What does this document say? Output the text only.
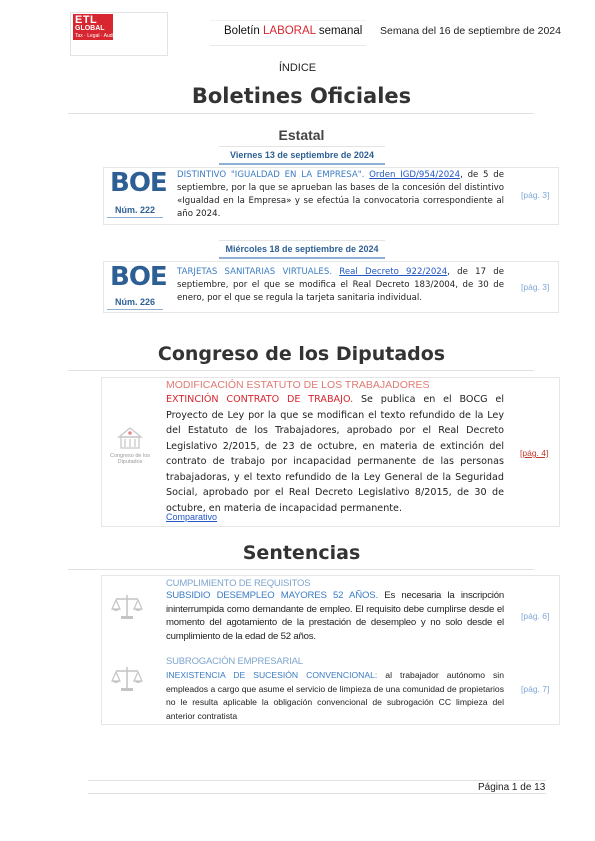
ETL
GLOBAL
Tax · Legal · Audit	Boletín LABORAL semanal Semana del 16 de septiembre de 2024
ÍNDICE
Boletines Oficiales
Estatal
Viernes 13 de septiembre de 2024
BOE
Núm. 222
DISTINTIVO "IGUALDAD EN LA EMPRESA". Orden IGD/954/2024, de 5 de septiembre, por la que se aprueban las bases de la concesión del distintivo «Igualdad en la Empresa» y se efectúa la convocatoria correspondiente al año 2024.
[pág. 3]
Miércoles 18 de septiembre de 2024
BOE
Núm. 226
TARJETAS SANITARIAS VIRTUALES. Real Decreto 922/2024, de 17 de septiembre, por el que se modifica el Real Decreto 183/2004, de 30 de enero, por el que se regula la tarjeta sanitaria individual.
[pág. 3]
Congreso de los Diputados
Congreso de los Diputados
MODIFICACIÓN ESTATUTO DE LOS TRABAJADORES
EXTINCIÓN CONTRATO DE TRABAJO. Se publica en el BOCG el Proyecto de Ley por la que se modifican el texto refundido de la Ley del Estatuto de los Trabajadores, aprobado por el Real Decreto Legislativo 2/2015, de 23 de octubre, en materia de extinción del contrato de trabajo por incapacidad permanente de las personas trabajadoras, y el texto refundido de la Ley General de la Seguridad Social, aprobado por el Real Decreto Legislativo 8/2015, de 30 de octubre, en materia de incapacidad permanente.
Comparativo
[pág. 4]
Sentencias
CUMPLIMIENTO DE REQUISITOS
SUBSIDIO DESEMPLEO MAYORES 52 AÑOS. Es necesaria la inscripción ininterrumpida como demandante de empleo. El requisito debe cumplirse desde el momento del agotamiento de la prestación de desempleo y no solo desde el cumplimiento de la edad de 52 años.
[pág. 6]
SUBROGACIÓN EMPRESARIAL
INEXISTENCIA DE SUCESIÓN CONVENCIONAL: al trabajador autónomo sin empleados a cargo que asume el servicio de limpieza de una comunidad de propietarios no le resulta aplicable la obligación convencional de subrogación CC limpieza del anterior contratista
[pág. 7]
Página 1 de 13
